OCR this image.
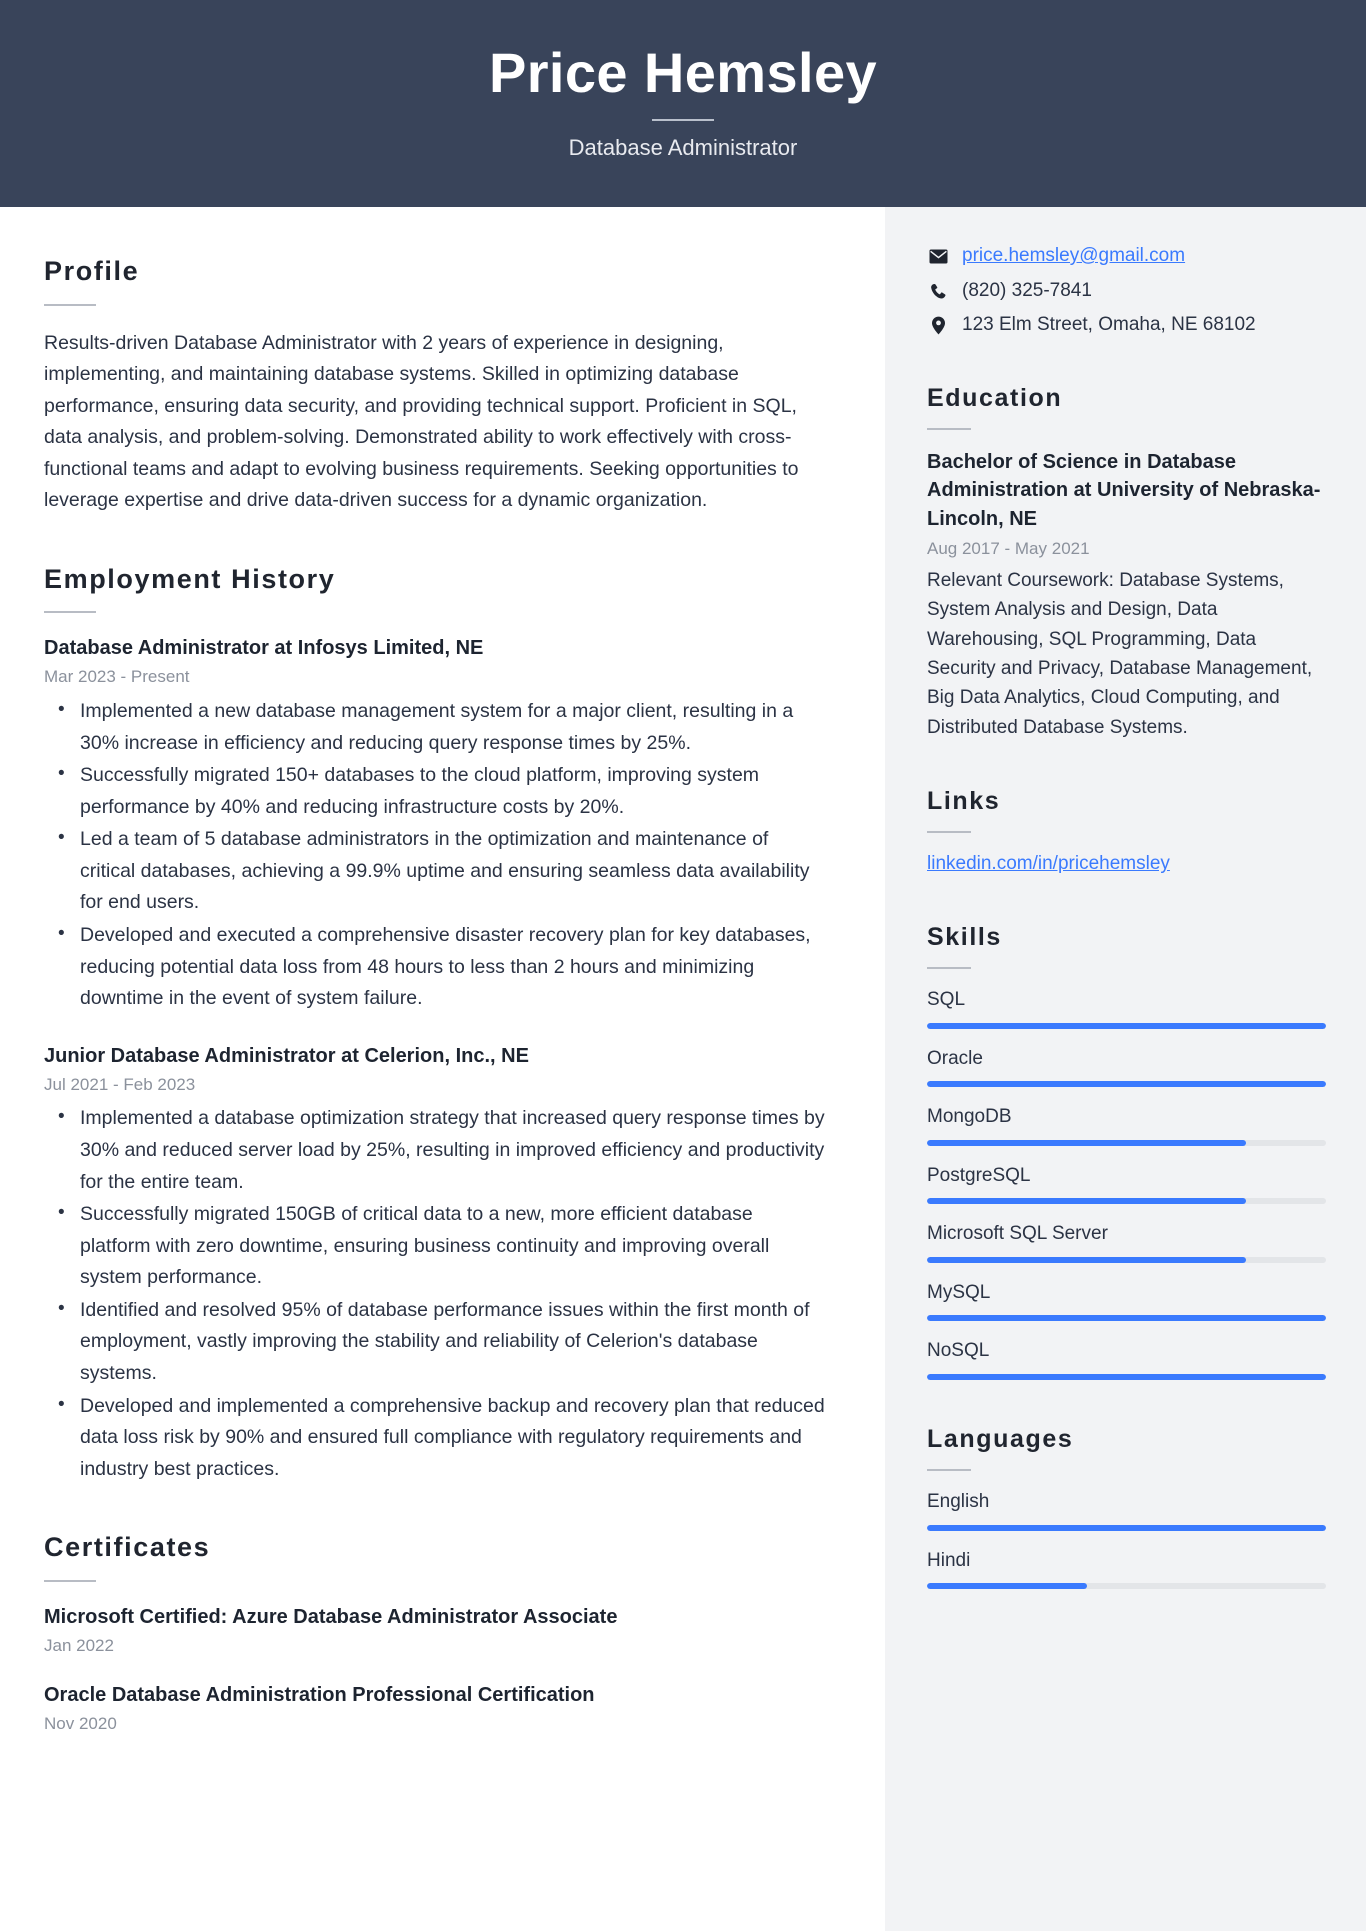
Price Hemsley

Database Administrator

Profile

Results-driven Database Administrator with 2 years of experience in designing, implementing, and maintaining database systems. Skilled in optimizing database performance, ensuring data security, and providing technical support. Proficient in SQL, data analysis, and problem-solving. Demonstrated ability to work effectively with cross-functional teams and adapt to evolving business requirements. Seeking opportunities to leverage expertise and drive data-driven success for a dynamic organization.

Employment History
Database Administrator at Infosys Limited, NE

Mar 2023 - Present

• Implemented a new database management system for a major client, resulting in a 30% increase in efficiency and reducing query response times by 25%.
• Successfully migrated 150+ databases to the cloud platform, improving system performance by 40% and reducing infrastructure costs by 20%.
• Led a team of 5 database administrators in the optimization and maintenance of critical databases, achieving a 99.9% uptime and ensuring seamless data availability for end users.
• Developed and executed a comprehensive disaster recovery plan for key databases, reducing potential data loss from 48 hours to less than 2 hours and minimizing downtime in the event of system failure.
Junior Database Administrator at Celerion, Inc., NE

Jul 2021 - Feb 2023

• Implemented a database optimization strategy that increased query response times by 30% and reduced server load by 25%, resulting in improved efficiency and productivity for the entire team.
• Successfully migrated 150GB of critical data to a new, more efficient database platform with zero downtime, ensuring business continuity and improving overall system performance.
• Identified and resolved 95% of database performance issues within the first month of employment, vastly improving the stability and reliability of Celerion's database systems.
• Developed and implemented a comprehensive backup and recovery plan that reduced data loss risk by 90% and ensured full compliance with regulatory requirements and industry best practices.
Certificates
Microsoft Certified: Azure Database Administrator Associate

Jan 2022

Oracle Database Administration Professional Certification

Nov 2020

price.hemsley@gmail.com
(820) 325-7841
123 Elm Street, Omaha, NE 68102
Education
Bachelor of Science in Database Administration at University of Nebraska-Lincoln, NE

Aug 2017 - May 2021

Relevant Coursework: Database Systems, System Analysis and Design, Data Warehousing, SQL Programming, Data Security and Privacy, Database Management, Big Data Analytics, Cloud Computing, and Distributed Database Systems.

Links
linkedin.com/in/pricehemsley
Skills

SQL

Oracle

MongoDB

PostgreSQL

Microsoft SQL Server

MySQL

NoSQL

Languages

English

Hindi
